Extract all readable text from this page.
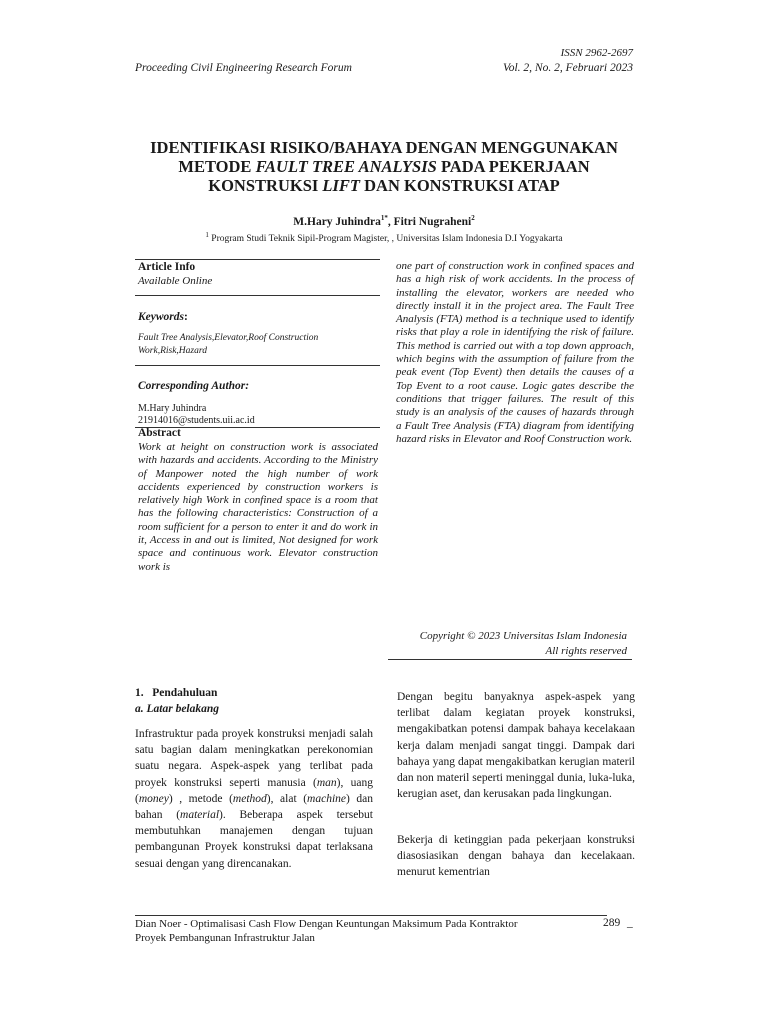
ISSN 2962-2697
Proceeding Civil Engineering Research Forum	Vol. 2, No. 2, Februari 2023
IDENTIFIKASI RISIKO/BAHAYA DENGAN MENGGUNAKAN
METODE FAULT TREE ANALYSIS PADA PEKERJAAN
KONSTRUKSI LIFT DAN KONSTRUKSI ATAP
M.Hary Juhindra$^{1*}$, Fitri Nugraheni$^2$
$^1$ Program Studi Teknik Sipil-Program Magister, , Universitas Islam Indonesia D.I Yogyakarta
Article Info
Available Online
Keywords:
Fault Tree Analysis,Elevator,Roof Construction Work,Risk,Hazard
Corresponding Author:
M.Hary Juhindra
21914016@students.uii.ac.id
Abstract
Work at height on construction work is associated with hazards and accidents. According to the Ministry of Manpower noted the high number of work accidents experienced by construction workers is relatively high Work in confined space is a room that has the following characteristics: Construction of a room sufficient for a person to enter it and do work in it, Access in and out is limited, Not designed for work space and continuous work. Elevator construction work is
one part of construction work in confined spaces and has a high risk of work accidents. In the process of installing the elevator, workers are needed who directly install it in the project area. The Fault Tree Analysis (FTA) method is a technique used to identify risks that play a role in identifying the risk of failure. This method is carried out with a top down approach, which begins with the assumption of failure from the peak event (Top Event) then details the causes of a Top Event to a root cause. Logic gates describe the conditions that trigger failures. The result of this study is an analysis of the causes of hazards through a Fault Tree Analysis (FTA) diagram from identifying hazard risks in Elevator and Roof Construction work.
Copyright © 2023 Universitas Islam Indonesia
All rights reserved
1.   Pendahuluan
a. Latar belakang
Infrastruktur pada proyek konstruksi menjadi salah satu bagian dalam meningkatkan perekonomian suatu negara. Aspek-aspek yang terlibat pada proyek konstruksi seperti manusia (man), uang (money) , metode (method), alat (machine) dan bahan (material). Beberapa aspek tersebut membutuhkan manajemen dengan tujuan pembangunan Proyek konstruksi dapat terlaksana sesuai dengan yang direncanakan.
Dengan begitu banyaknya aspek-aspek yang terlibat dalam kegiatan proyek konstruksi, mengakibatkan potensi dampak bahaya kecelakaan kerja dalam menjadi sangat tinggi. Dampak dari bahaya yang dapat mengakibatkan kerugian materil dan non materil seperti meninggal dunia, luka-luka, kerugian aset, dan kerusakan pada lingkungan.
Bekerja di ketinggian pada pekerjaan konstruksi diasosiasikan dengan bahaya dan kecelakaan. menurut kementrian
Dian Noer - Optimalisasi Cash Flow Dengan Keuntungan Maksimum Pada Kontraktor
Proyek Pembangunan Infrastruktur Jalan
289 _
